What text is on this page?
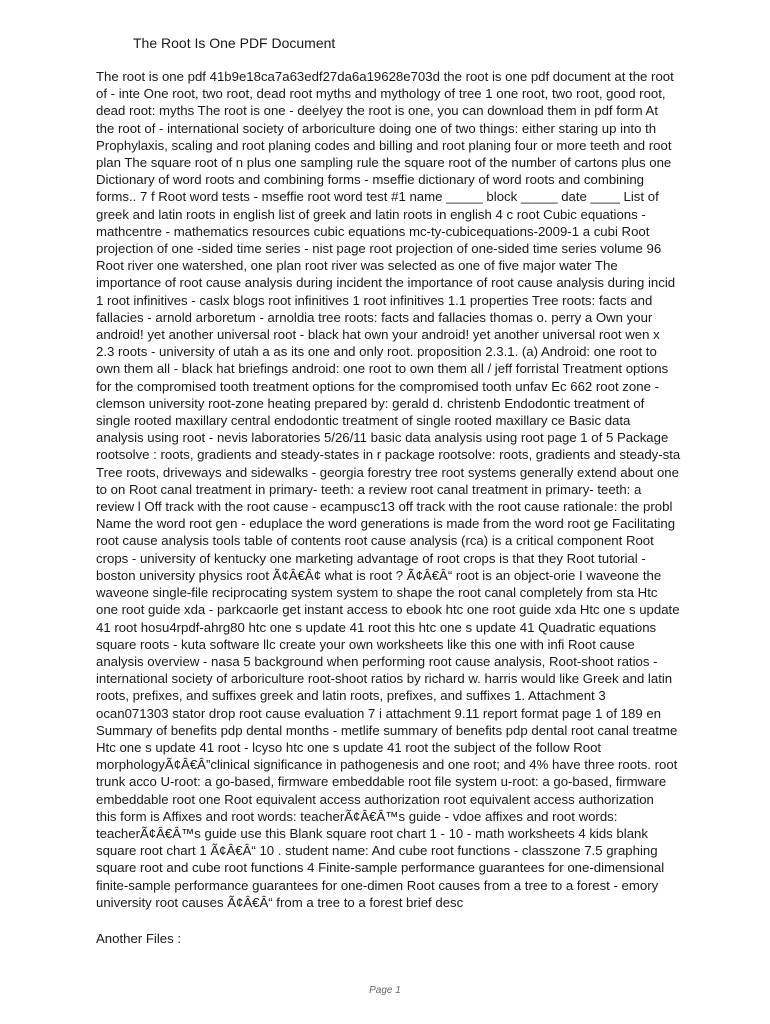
The Root Is One PDF Document

The root is one pdf 41b9e18ca7a63edf27da6a19628e703d the root is one pdf document at the root
of - inte One root, two root, dead root myths and mythology of tree 1 one root, two root, good root,
dead root: myths The root is one - deelyey the root is one, you can download them in pdf form At
the root of - international society of arboriculture doing one of two things: either staring up into th
Prophylaxis, scaling and root planing codes and billing and root planing four or more teeth and root
plan The square root of n plus one sampling rule the square root of the number of cartons plus one
Dictionary of word roots and combining forms - mseffie dictionary of word roots and combining
forms.. 7 f Root word tests - mseffie root word test #1 name _____ block _____ date ____ List of
greek and latin roots in english list of greek and latin roots in english 4 c root Cubic equations -
mathcentre - mathematics resources cubic equations mc-ty-cubicequations-2009-1 a cubi Root
projection of one -sided time series - nist page root projection of one-sided time series volume 96
Root river one watershed, one plan root river was selected as one of five major water The
importance of root cause analysis during incident the importance of root cause analysis during incid
1 root infinitives - caslx blogs root infinitives 1 root infinitives 1.1 properties Tree roots: facts and
fallacies - arnold arboretum - arnoldia tree roots: facts and fallacies thomas o. perry a Own your
android! yet another universal root - black hat own your android! yet another universal root wen x
2.3 roots - university of utah a as its one and only root. proposition 2.3.1. (a) Android: one root to
own them all - black hat briefings android: one root to own them all / jeff forristal Treatment options
for the compromised tooth treatment options for the compromised tooth unfav Ec 662 root zone -
clemson university root-zone heating prepared by: gerald d. christenb Endodontic treatment of
single rooted maxillary central endodontic treatment of single rooted maxillary ce Basic data
analysis using root - nevis laboratories 5/26/11 basic data analysis using root page 1 of 5 Package
rootsolve : roots, gradients and steady-states in r package rootsolve: roots, gradients and steady-sta
Tree roots, driveways and sidewalks - georgia forestry tree root systems generally extend about one
to on Root canal treatment in primary- teeth: a review root canal treatment in primary- teeth: a
review l Off track with the root cause - ecampusc13 off track with the root cause rationale: the probl
Name the word root gen - eduplace the word generations is made from the word root ge Facilitating
root cause analysis tools table of contents root cause analysis (rca) is a critical component Root
crops - university of kentucky one marketing advantage of root crops is that they Root tutorial -
boston university physics root Ã¢Â€Â¢ what is root ? Ã¢Â€Â“ root is an object-orie I waveone the
waveone single-file reciprocating system system to shape the root canal completely from sta Htc
one root guide xda - parkcaorle get instant access to ebook htc one root guide xda Htc one s update
41 root hosu4rpdf-ahrg80 htc one s update 41 root this htc one s update 41 Quadratic equations
square roots - kuta software llc create your own worksheets like this one with infi Root cause
analysis overview - nasa 5 background when performing root cause analysis, Root-shoot ratios -
international society of arboriculture root-shoot ratios by richard w. harris would like Greek and latin
roots, prefixes, and suffixes greek and latin roots, prefixes, and suffixes 1. Attachment 3
ocan071303 stator drop root cause evaluation 7 i attachment 9.11 report format page 1 of 189 en
Summary of benefits pdp dental months - metlife summary of benefits pdp dental root canal treatme
Htc one s update 41 root - lcyso htc one s update 41 root the subject of the follow Root
morphologyÃ¢Â€Â”clinical significance in pathogenesis and one root; and 4% have three roots. root
trunk acco U-root: a go-based, firmware embeddable root file system u-root: a go-based, firmware
embeddable root one Root equivalent access authorization root equivalent access authorization
this form is Affixes and root words: teacherÃ¢Â€Â™s guide - vdoe affixes and root words:
teacherÃ¢Â€Â™s guide use this Blank square root chart 1 - 10 - math worksheets 4 kids blank
square root chart 1 Ã¢Â€Â“ 10 . student name: And cube root functions - classzone 7.5 graphing
square root and cube root functions 4 Finite-sample performance guarantees for one-dimensional
finite-sample performance guarantees for one-dimen Root causes from a tree to a forest - emory
university root causes Ã¢Â€Â“ from a tree to a forest brief desc

Another Files :
Page 1
